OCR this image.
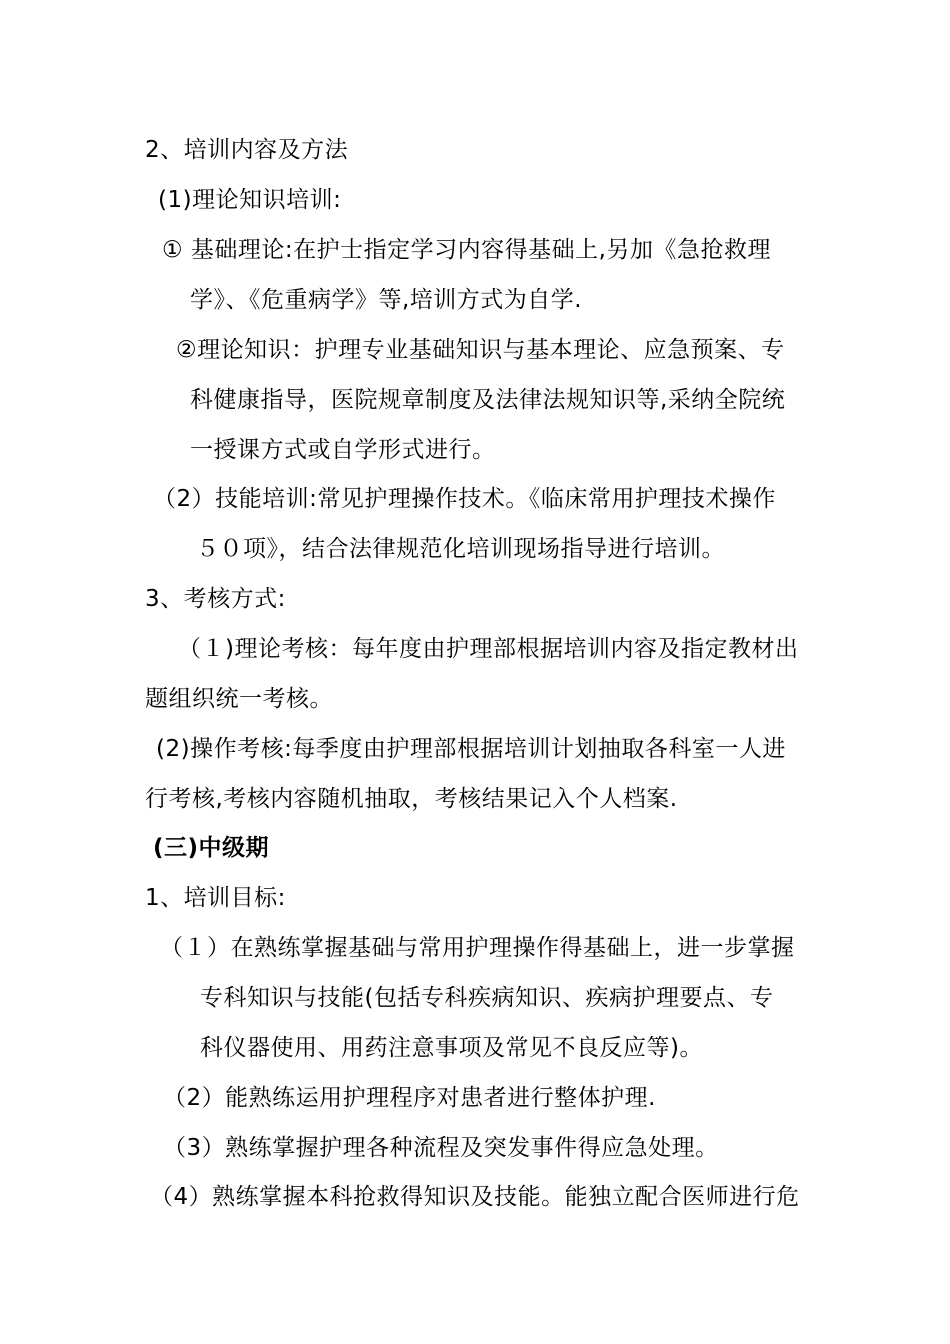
2、培训内容及方法
(1)理论知识培训:
① 基础理论:在护士指定学习内容得基础上,另加《急抢救理
学》、《危重病学》等,培训方式为自学.
②理论知识：护理专业基础知识与基本理论、应急预案、专
科健康指导，医院规章制度及法律法规知识等,采纳全院统
一授课方式或自学形式进行。
（2）技能培训:常见护理操作技术。《临床常用护理技术操作
５０项》，结合法律规范化培训现场指导进行培训。
3、考核方式:
（１)理论考核：每年度由护理部根据培训内容及指定教材出
题组织统一考核。
(2)操作考核:每季度由护理部根据培训计划抽取各科室一人进
行考核,考核内容随机抽取，考核结果记入个人档案.
(三)中级期
1、培训目标:
（１）在熟练掌握基础与常用护理操作得基础上，进一步掌握
专科知识与技能(包括专科疾病知识、疾病护理要点、专
科仪器使用、用药注意事项及常见不良反应等)。
（2）能熟练运用护理程序对患者进行整体护理.
（3）熟练掌握护理各种流程及突发事件得应急处理。
（4）熟练掌握本科抢救得知识及技能。能独立配合医师进行危
